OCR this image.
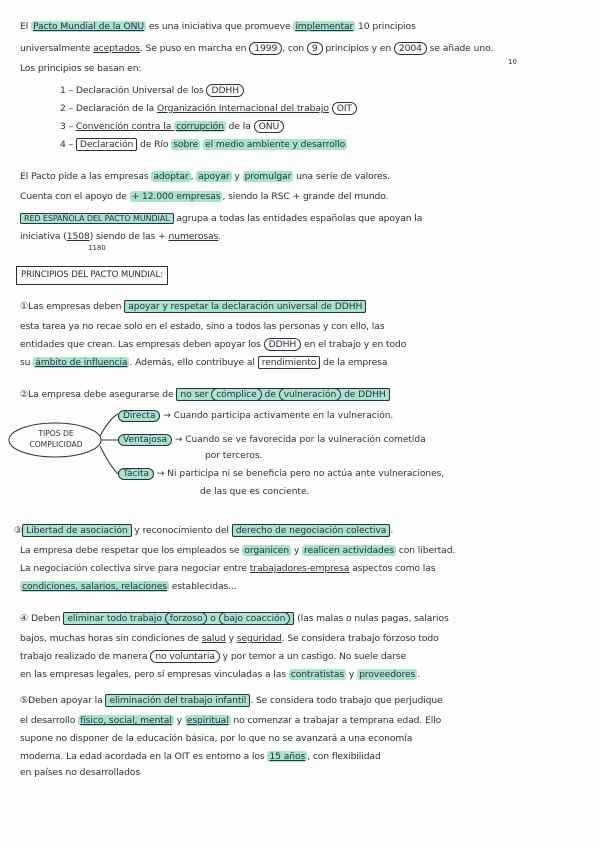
El Pacto Mundial de la ONU es una iniciativa que promueve implementar 10 principios
universalmente aceptados. Se puso en marcha en 1999 , con 9 principios y en 2004 se añade uno.
10
Los principios se basan en:
1 – Declaración Universal de los DDHH
2 – Declaración de la Organización Internacional del trabajo OIT
3 – Convención contra la corrupción de la ONU
4 – Declaración de Río sobre el medio ambiente y desarrollo
El Pacto pide a las empresas adoptar , apoyar y promulgar una serie de valores.
Cuenta con el apoyo de + 12.000 empresas , siendo la RSC + grande del mundo.
RED ESPAÑOLA DEL PACTO MUNDIAL agrupa a todas las entidades españolas que apoyan la
iniciativa (1508) siendo de las + numerosas.
1180
PRINCIPIOS DEL PACTO MUNDIAL:
①Las empresas deben apoyar y respetar la declaración universal de DDHH
esta tarea ya no recae solo en el estado, sino a todos las personas y con ello, las
entidades que crean. Las empresas deben apoyar los DDHH en el trabajo y en todo
su ámbito de influencia . Además, ello contribuye al rendimiento de la empresa
②La empresa debe asegurarse de no ser cómplice de vulneración de DDHH
TIPOS DE COMPLICIDAD
Directa → Cuando participa activamente en la vulneración.
Ventajosa → Cuando se ve favorecida por la vulneración cometida
por terceros.
Tácita → Ni participa ni se beneficia pero no actúa ante vulneraciones,
de las que es conciente.
③ Libertad de asociación y reconocimiento del derecho de negociación colectiva .
La empresa debe respetar que los empleados se organicen y realicen actividades con libertad.
La negociación colectiva sirve para negociar entre trabajadores-empresa aspectos como las
condiciones, salarios, relaciones establecidas...
④ Deben eliminar todo trabajo forzoso o bajo coacción (las malas o nulas pagas, salarios
bajos, muchas horas sin condiciones de salud y seguridad. Se considera trabajo forzoso todo
trabajo realizado de manera no voluntaria y por temor a un castigo. No suele darse
en las empresas legales, pero sí empresas vinculadas a las contratistas y proveedores .
⑤Deben apoyar la eliminación del trabajo infantil . Se considera todo trabajo que perjudique
el desarrollo físico, social, mental y espiritual no comenzar a trabajar a temprana edad. Ello
supone no disponer de la educación básica, por lo que no se avanzará a una economía
moderna. La edad acordada en la OIT es entorno a los 15 años , con flexibilidad
en países no desarrollados
